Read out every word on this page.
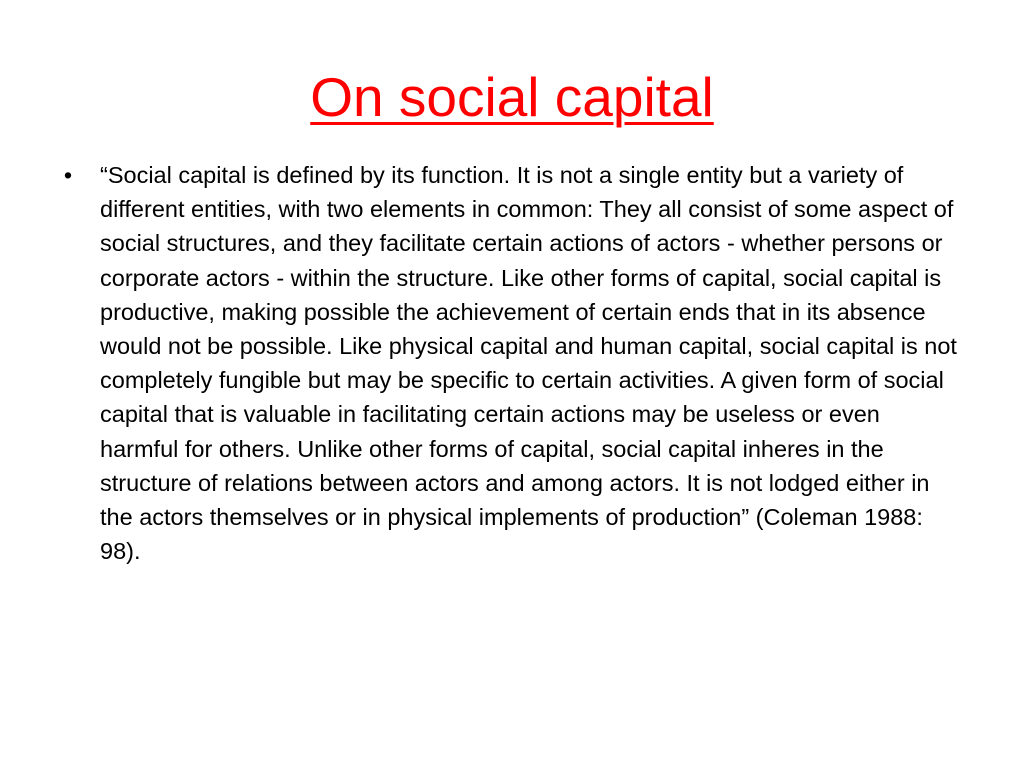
On social capital
• “Social capital is defined by its function. It is not a single entity but a variety of different entities, with two elements in common: They all consist of some aspect of social structures, and they facilitate certain actions of actors - whether persons or corporate actors - within the structure. Like other forms of capital, social capital is productive, making possible the achievement of certain ends that in its absence would not be possible. Like physical capital and human capital, social capital is not completely fungible but may be specific to certain activities. A given form of social capital that is valuable in facilitating certain actions may be useless or even harmful for others. Unlike other forms of capital, social capital inheres in the structure of relations between actors and among actors. It is not lodged either in the actors themselves or in physical implements of production” (Coleman 1988: 98).
